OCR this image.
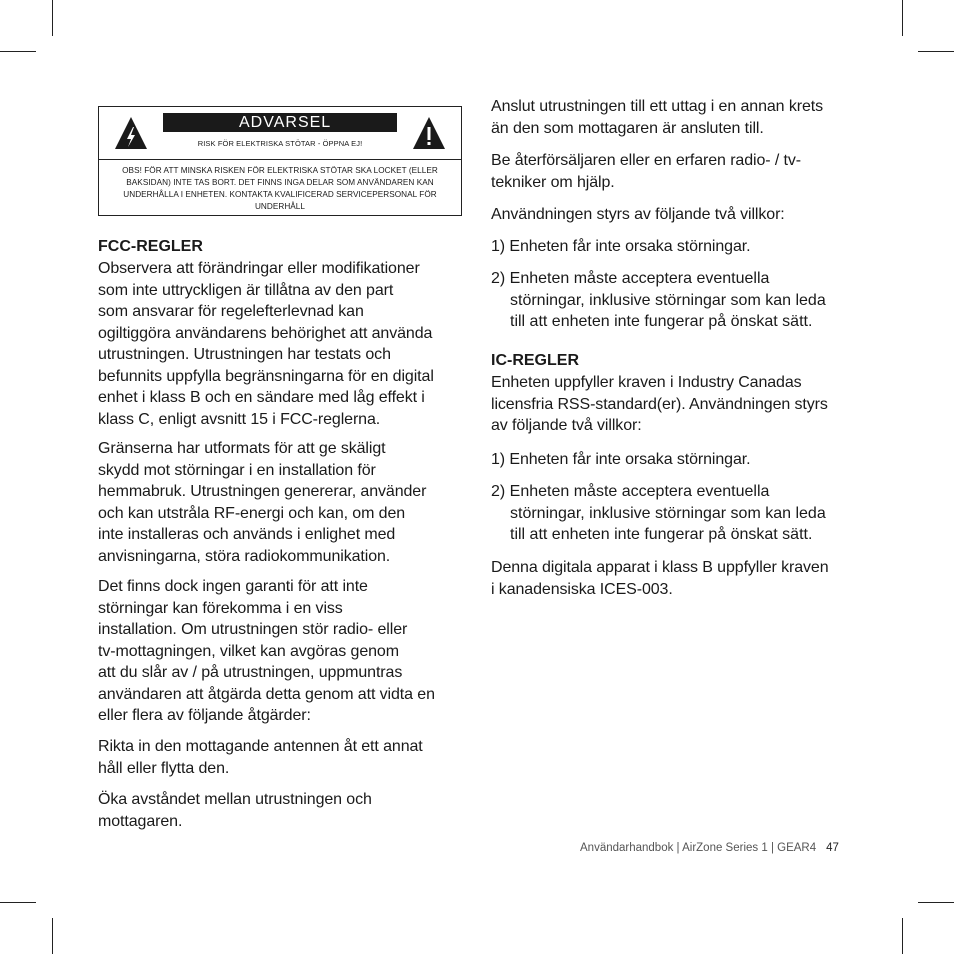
ADVARSEL
RISK FÖR ELEKTRISKA STÖTAR - ÖPPNA EJ!
OBS! FÖR ATT MINSKA RISKEN FÖR ELEKTRISKA STÖTAR SKA LOCKET (ELLER BAKSIDAN) INTE TAS BORT. DET FINNS INGA DELAR SOM ANVÄNDAREN KAN UNDERHÅLLA I ENHETEN. KONTAKTA KVALIFICERAD SERVICEPERSONAL FÖR UNDERHÅLL
FCC-REGLER
Observera att förändringar eller modifikationer
som inte uttryckligen är tillåtna av den part
som ansvarar för regelefterlevnad kan
ogiltiggöra användarens behörighet att använda
utrustningen. Utrustningen har testats och
befunnits uppfylla begränsningarna för en digital
enhet i klass B och en sändare med låg effekt i
klass C, enligt avsnitt 15 i FCC-reglerna.
Gränserna har utformats för att ge skäligt
skydd mot störningar i en installation för
hemmabruk. Utrustningen genererar, använder
och kan utstråla RF-energi och kan, om den
inte installeras och används i enlighet med
anvisningarna, störa radiokommunikation.
Det finns dock ingen garanti för att inte
störningar kan förekomma i en viss
installation. Om utrustningen stör radio- eller
tv-mottagningen, vilket kan avgöras genom
att du slår av / på utrustningen, uppmuntras
användaren att åtgärda detta genom att vidta en
eller flera av följande åtgärder:
Rikta in den mottagande antennen åt ett annat
håll eller flytta den.
Öka avståndet mellan utrustningen och
mottagaren.
Anslut utrustningen till ett uttag i en annan krets
än den som mottagaren är ansluten till.
Be återförsäljaren eller en erfaren radio- / tv-
tekniker om hjälp.
Användningen styrs av följande två villkor:
1) Enheten får inte orsaka störningar.
2) Enheten måste acceptera eventuella
störningar, inklusive störningar som kan leda
till att enheten inte fungerar på önskat sätt.
IC-REGLER
Enheten uppfyller kraven i Industry Canadas
licensfria RSS-standard(er). Användningen styrs
av följande två villkor:
1) Enheten får inte orsaka störningar.
2) Enheten måste acceptera eventuella
störningar, inklusive störningar som kan leda
till att enheten inte fungerar på önskat sätt.
Denna digitala apparat i klass B uppfyller kraven
i kanadensiska ICES-003.
Användarhandbok | AirZone Series 1 | GEAR4 47
